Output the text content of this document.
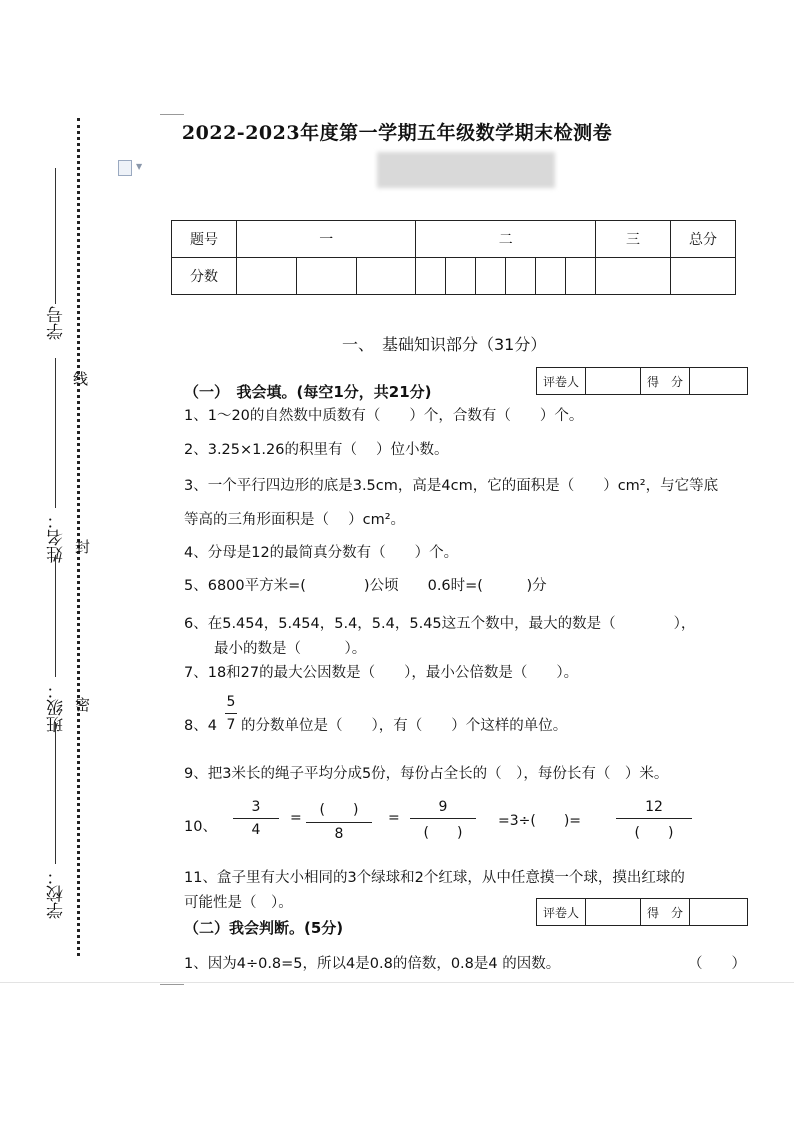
学号
姓名：
班级：
学校：
线
封
密
▼
2022-2023年度第一学期五年级数学期末检测卷
题号	一			二						三	总分
分数											
一、　基础知识部分（31分）
评卷人		得　分	
（一）　我会填。(每空1分，共21分)
1、1～20的自然数中质数有（　　）个，合数有（　　）个。
2、3.25×1.26的积里有（　 ）位小数。
3、一个平行四边形的底是3.5cm，高是4cm，它的面积是（　　）cm²，与它等底
等高的三角形面积是（　 ）cm²。
4、分母是12的最简真分数有（　　）个。
5、6800平方米=(　　　　)公顷　　0.6时=(　　　)分
6、在5.454，5.454，5.4，5.4，5.45这五个数中，最大的数是（　　　　），
最小的数是（　　　）。
7、18和27的最大公因数是（　　），最小公倍数是（　　）。
8、4
5
7 的分数单位是（　　），有（　　）个这样的单位。
9、把3米长的绳子平均分成5份，每份占全长的（　），每份长有（　）米。
10、
3
4
=	(　　)
8
=
9
(　　)
=3÷(　　)=
12
(　　)
11、盒子里有大小相同的3个绿球和2个红球，从中任意摸一个球，摸出红球的
可能性是（　）。
评卷人		得　分	
（二）我会判断。(5分)
1、因为4÷0.8=5，所以4是0.8的倍数，0.8是4 的因数。	（　　）
